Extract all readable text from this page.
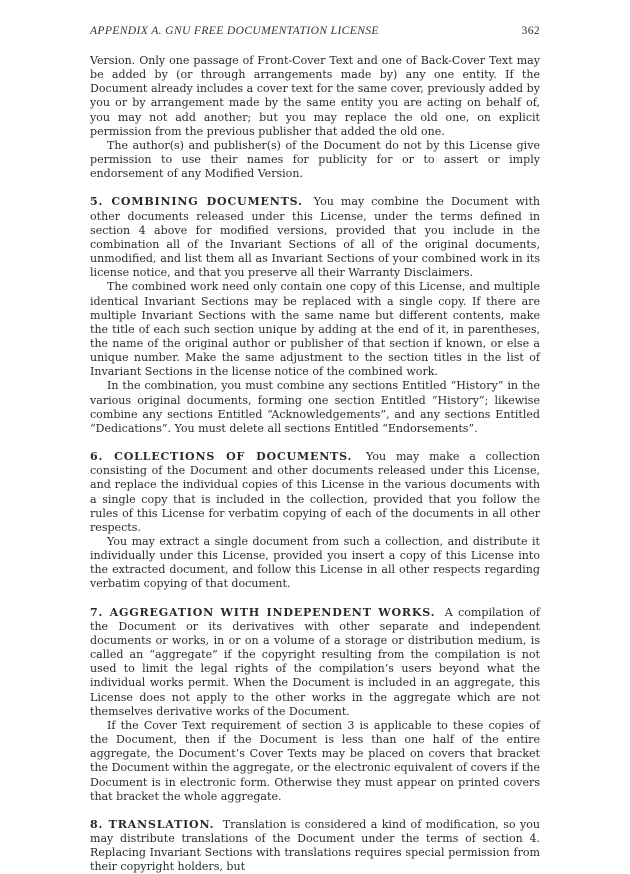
APPENDIX A. GNU FREE DOCUMENTATION LICENSE	362

Version. Only one passage of Front-Cover Text and one of Back-Cover Text may be added by (or through arrangements made by) any one entity. If the Document already includes a cover text for the same cover, previously added by you or by arrangement made by the same entity you are acting on behalf of, you may not add another; but you may replace the old one, on explicit permission from the previous publisher that added the old one.

The author(s) and publisher(s) of the Document do not by this License give permission to use their names for publicity for or to assert or imply endorsement of any Modified Version.

5. COMBINING DOCUMENTS. You may combine the Document with other documents released under this License, under the terms defined in section 4 above for modified versions, provided that you include in the combination all of the Invariant Sections of all of the original documents, unmodified, and list them all as Invariant Sections of your combined work in its license notice, and that you preserve all their Warranty Disclaimers.

The combined work need only contain one copy of this License, and multiple identical Invariant Sections may be replaced with a single copy. If there are multiple Invariant Sections with the same name but different contents, make the title of each such section unique by adding at the end of it, in parentheses, the name of the original author or publisher of that section if known, or else a unique number. Make the same adjustment to the section titles in the list of Invariant Sections in the license notice of the combined work.

In the combination, you must combine any sections Entitled “History” in the various original documents, forming one section Entitled “History”; likewise combine any sections Entitled “Acknowledgements”, and any sections Entitled “Dedications”. You must delete all sections Entitled “Endorsements”.

6. COLLECTIONS OF DOCUMENTS. You may make a collection consisting of the Document and other documents released under this License, and replace the individual copies of this License in the various documents with a single copy that is included in the collection, provided that you follow the rules of this License for verbatim copying of each of the documents in all other respects.

You may extract a single document from such a collection, and distribute it individually under this License, provided you insert a copy of this License into the extracted document, and follow this License in all other respects regarding verbatim copying of that document.

7. AGGREGATION WITH INDEPENDENT WORKS. A compilation of the Document or its derivatives with other separate and independent documents or works, in or on a volume of a storage or distribution medium, is called an “aggregate” if the copyright resulting from the compilation is not used to limit the legal rights of the compilation’s users beyond what the individual works permit. When the Document is included in an aggregate, this License does not apply to the other works in the aggregate which are not themselves derivative works of the Document.

If the Cover Text requirement of section 3 is applicable to these copies of the Document, then if the Document is less than one half of the entire aggregate, the Document’s Cover Texts may be placed on covers that bracket the Document within the aggregate, or the electronic equivalent of covers if the Document is in electronic form. Otherwise they must appear on printed covers that bracket the whole aggregate.

8. TRANSLATION. Translation is considered a kind of modification, so you may distribute translations of the Document under the terms of section 4. Replacing Invariant Sections with translations requires special permission from their copyright holders, but
